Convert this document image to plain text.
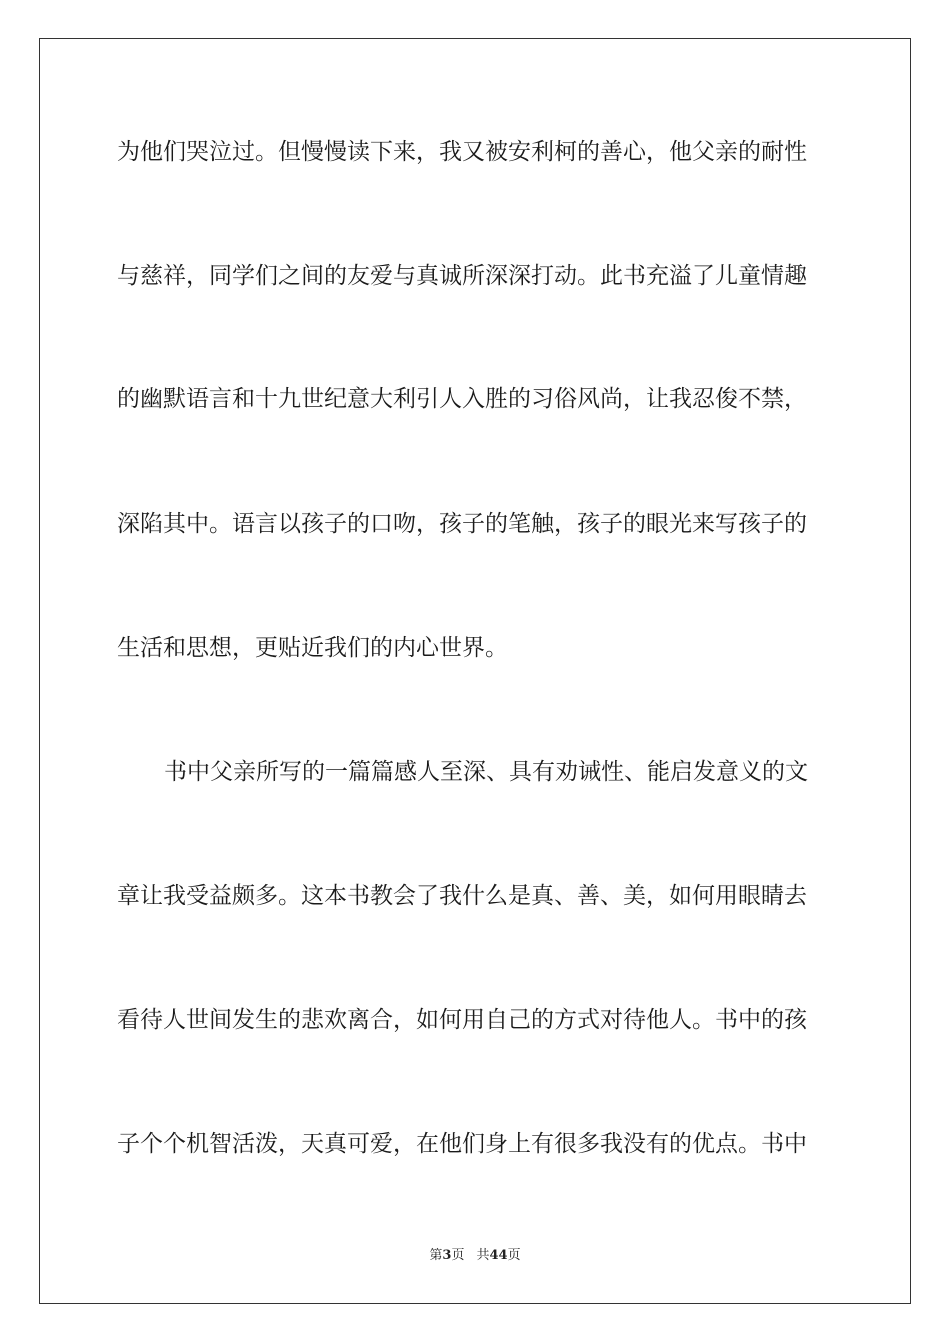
为他们哭泣过。但慢慢读下来，我又被安利柯的善心，他父亲的耐性
与慈祥，同学们之间的友爱与真诚所深深打动。此书充溢了儿童情趣
的幽默语言和十九世纪意大利引人入胜的习俗风尚，让我忍俊不禁，
深陷其中。语言以孩子的口吻，孩子的笔触，孩子的眼光来写孩子的
生活和思想，更贴近我们的内心世界。
书中父亲所写的一篇篇感人至深、具有劝诫性、能启发意义的文
章让我受益颇多。这本书教会了我什么是真、善、美，如何用眼睛去
看待人世间发生的悲欢离合，如何用自己的方式对待他人。书中的孩
子个个机智活泼，天真可爱，在他们身上有很多我没有的优点。书中
第3页 共44页
